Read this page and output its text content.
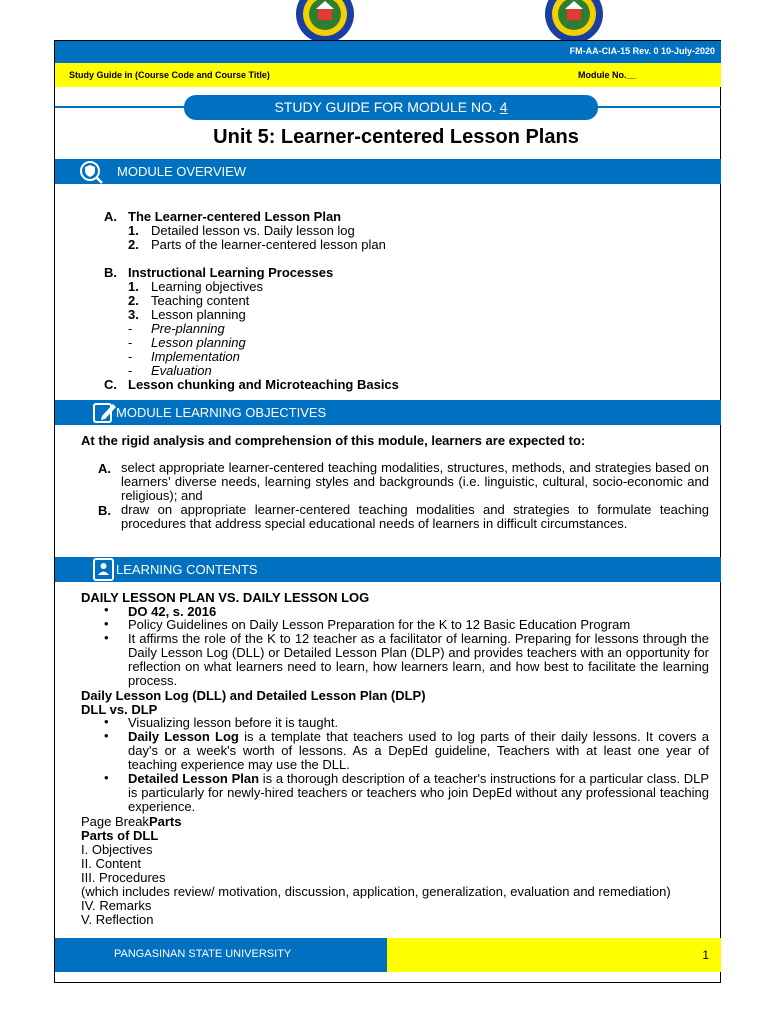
FM-AA-CIA-15 Rev. 0 10-July-2020
Study Guide in (Course Code and Course Title)	Module No.__
STUDY GUIDE FOR MODULE NO. 4
Unit 5: Learner-centered Lesson Plans
MODULE OVERVIEW
A. The Learner-centered Lesson Plan
1. Detailed lesson vs. Daily lesson log
2. Parts of the learner-centered lesson plan
B. Instructional Learning Processes
1. Learning objectives
2. Teaching content
3. Lesson planning
- Pre-planning
- Lesson planning
- Implementation
- Evaluation
C. Lesson chunking and Microteaching Basics
MODULE LEARNING OBJECTIVES
At the rigid analysis and comprehension of this module, learners are expected to:
A. select appropriate learner-centered teaching modalities, structures, methods, and strategies based on learners’ diverse needs, learning styles and backgrounds (i.e. linguistic, cultural, socio-economic and religious); and
B. draw on appropriate learner-centered teaching modalities and strategies to formulate teaching procedures that address special educational needs of learners in difficult circumstances.
LEARNING CONTENTS
DAILY LESSON PLAN VS. DAILY LESSON LOG
• DO 42, s. 2016
• Policy Guidelines on Daily Lesson Preparation for the K to 12 Basic Education Program
• It affirms the role of the K to 12 teacher as a facilitator of learning. Preparing for lessons through the Daily Lesson Log (DLL) or Detailed Lesson Plan (DLP) and provides teachers with an opportunity for reflection on what learners need to learn, how learners learn, and how best to facilitate the learning process.
Daily Lesson Log (DLL) and Detailed Lesson Plan (DLP)
DLL vs. DLP
• Visualizing lesson before it is taught.
• Daily Lesson Log is a template that teachers used to log parts of their daily lessons. It covers a day's or a week's worth of lessons. As a DepEd guideline, Teachers with at least one year of teaching experience may use the DLL.
• Detailed Lesson Plan is a thorough description of a teacher's instructions for a particular class. DLP is particularly for newly-hired teachers or teachers who join DepEd without any professional teaching experience.
Page BreakParts
Parts of DLL
I. Objectives
II. Content
III. Procedures
(which includes review/ motivation, discussion, application, generalization, evaluation and remediation)
IV. Remarks
V. Reflection
PANGASINAN STATE UNIVERSITY	1
